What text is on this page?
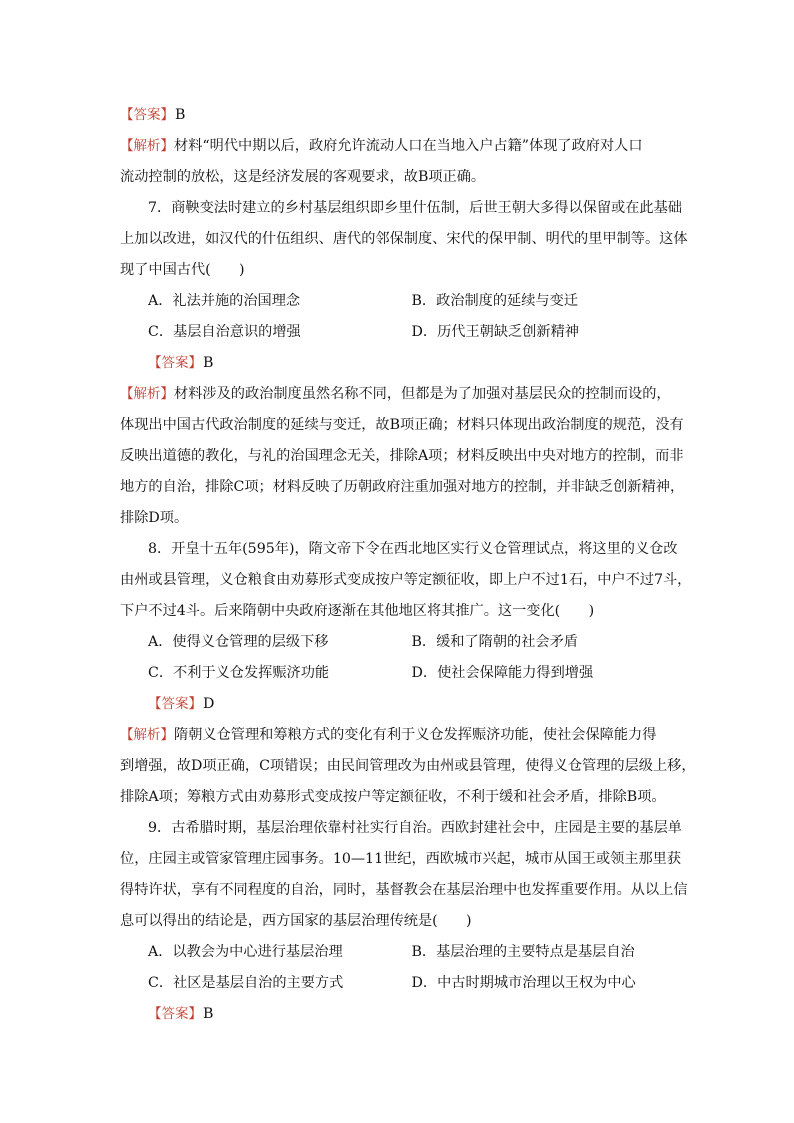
【答案】B
【解析】材料“明代中期以后，政府允许流动人口在当地入户占籍”体现了政府对人口
流动控制的放松，这是经济发展的客观要求，故B项正确。
7．商鞅变法时建立的乡村基层组织即乡里什伍制，后世王朝大多得以保留或在此基础
上加以改进，如汉代的什伍组织、唐代的邻保制度、宋代的保甲制、明代的里甲制等。这体
现了中国古代(　　)
A．礼法并施的治国理念	B．政治制度的延续与变迁
C．基层自治意识的增强	D．历代王朝缺乏创新精神
【答案】B
【解析】材料涉及的政治制度虽然名称不同，但都是为了加强对基层民众的控制而设的，
体现出中国古代政治制度的延续与变迁，故B项正确；材料只体现出政治制度的规范，没有
反映出道德的教化，与礼的治国理念无关，排除A项；材料反映出中央对地方的控制，而非
地方的自治，排除C项；材料反映了历朝政府注重加强对地方的控制，并非缺乏创新精神，
排除D项。
8．开皇十五年(595年)，隋文帝下令在西北地区实行义仓管理试点，将这里的义仓改
由州或县管理，义仓粮食由劝募形式变成按户等定额征收，即上户不过1石，中户不过7斗，
下户不过4斗。后来隋朝中央政府逐渐在其他地区将其推广。这一变化(　　)
A．使得义仓管理的层级下移	B．缓和了隋朝的社会矛盾
C．不利于义仓发挥赈济功能	D．使社会保障能力得到增强
【答案】D
【解析】隋朝义仓管理和筹粮方式的变化有利于义仓发挥赈济功能，使社会保障能力得
到增强，故D项正确，C项错误；由民间管理改为由州或县管理，使得义仓管理的层级上移，
排除A项；筹粮方式由劝募形式变成按户等定额征收，不利于缓和社会矛盾，排除B项。
9．古希腊时期，基层治理依靠村社实行自治。西欧封建社会中，庄园是主要的基层单
位，庄园主或管家管理庄园事务。10—11世纪，西欧城市兴起，城市从国王或领主那里获
得特许状，享有不同程度的自治，同时，基督教会在基层治理中也发挥重要作用。从以上信
息可以得出的结论是，西方国家的基层治理传统是(　　)
A．以教会为中心进行基层治理	B．基层治理的主要特点是基层自治
C．社区是基层自治的主要方式	D．中古时期城市治理以王权为中心
【答案】B
